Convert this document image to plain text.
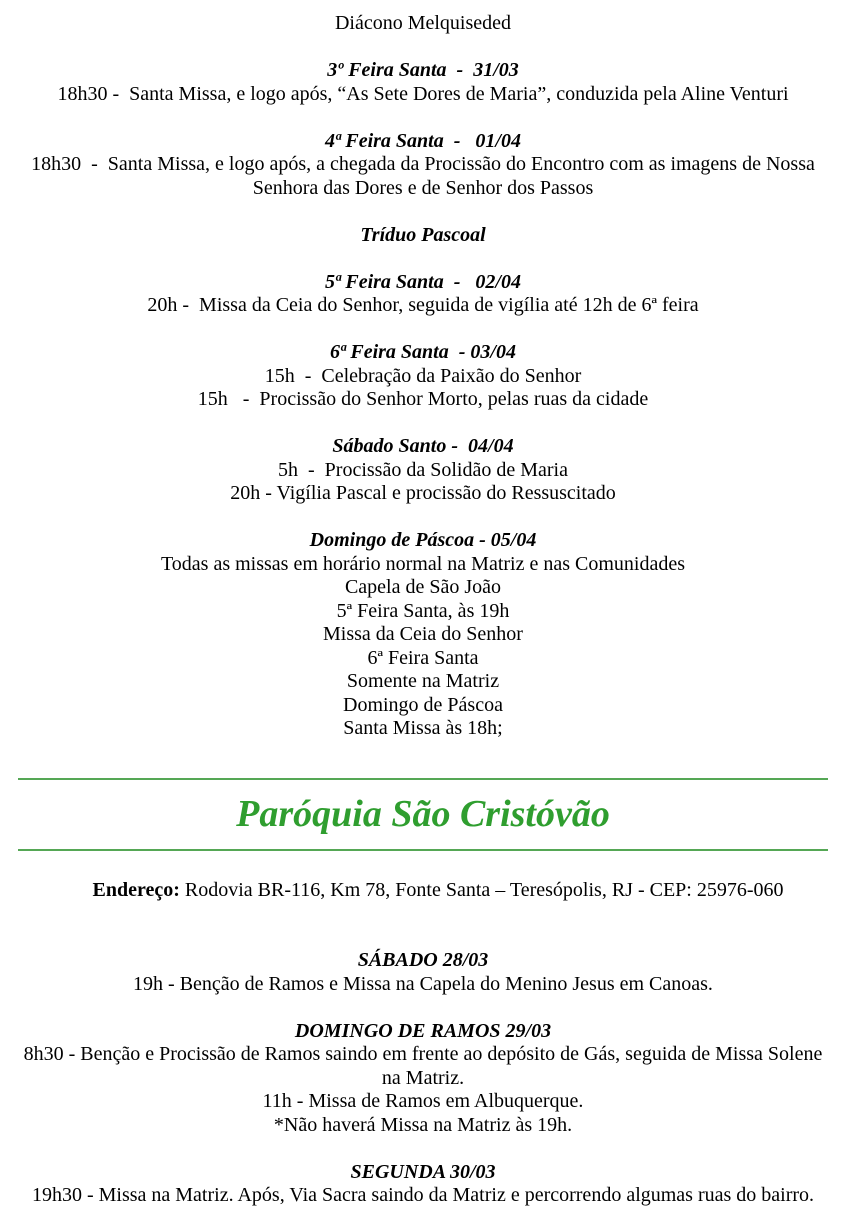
Diácono Melquiseded
3º Feira Santa  -  31/03
18h30 -  Santa Missa, e logo após, “As Sete Dores de Maria”, conduzida pela Aline Venturi
4ª Feira Santa  -   01/04
18h30  -  Santa Missa, e logo após, a chegada da Procissão do Encontro com as imagens de Nossa Senhora das Dores e de Senhor dos Passos
Tríduo Pascoal
5ª Feira Santa  -   02/04
20h -  Missa da Ceia do Senhor, seguida de vigília até 12h de 6ª feira
6ª Feira Santa  - 03/04
15h  -  Celebração da Paixão do Senhor
15h   -  Procissão do Senhor Morto, pelas ruas da cidade
Sábado Santo -  04/04
5h  -  Procissão da Solidão de Maria
20h - Vigília Pascal e procissão do Ressuscitado
Domingo de Páscoa - 05/04
Todas as missas em horário normal na Matriz e nas Comunidades
Capela de São João
5ª Feira Santa, às 19h
Missa da Ceia do Senhor
6ª Feira Santa
Somente na Matriz
Domingo de Páscoa
Santa Missa às 18h;
Paróquia São Cristóvão

Endereço: Rodovia BR-116, Km 78, Fonte Santa – Teresópolis, RJ - CEP: 25976-060

SÁBADO 28/03
19h - Benção de Ramos e Missa na Capela do Menino Jesus em Canoas.
DOMINGO DE RAMOS 29/03
8h30 - Benção e Procissão de Ramos saindo em frente ao depósito de Gás, seguida de Missa Solene na Matriz.
11h - Missa de Ramos em Albuquerque.
*Não haverá Missa na Matriz às 19h.
SEGUNDA 30/03
19h30 - Missa na Matriz. Após, Via Sacra saindo da Matriz e percorrendo algumas ruas do bairro.
